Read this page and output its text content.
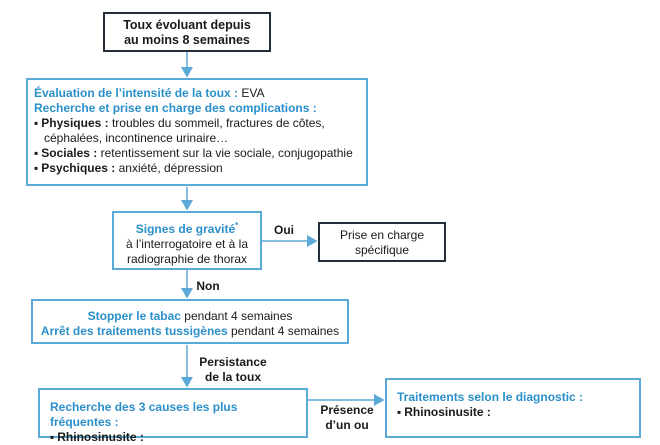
Toux évoluant depuis
au moins 8 semaines
Évaluation de l’intensité de la toux : EVA
Recherche et prise en charge des complications :
▪ Physiques : troubles du sommeil, fractures de côtes,
céphalées, incontinence urinaire…
▪ Sociales : retentissement sur la vie sociale, conjugopathie
▪ Psychiques : anxiété, dépression
Signes de gravité*
à l’interrogatoire et à la
radiographie de thorax
Oui	Prise en charge
spécifique
Non
Stopper le tabac pendant 4 semaines
Arrêt des traitements tussigènes pendant 4 semaines
Persistance
de la toux
Recherche des 3 causes les plus fréquentes :
▪ Rhinosinusite :
Présence
d’un ou
Traitements selon le diagnostic :
▪ Rhinosinusite :
